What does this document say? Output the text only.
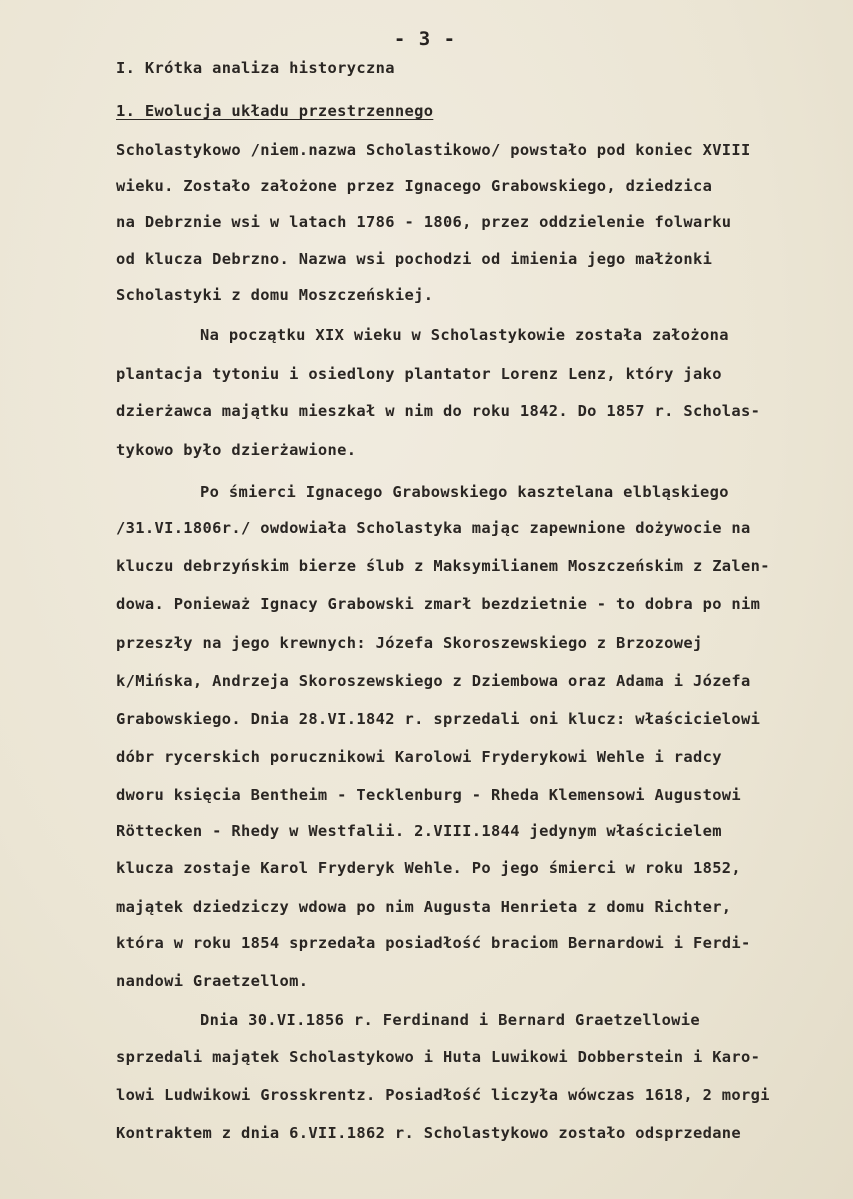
- 3 -
I. Krótka analiza historyczna
1. Ewolucja układu przestrzennego
Scholastykowo /niem.nazwa Scholastikowo/ powstało pod koniec XVIII
wieku. Zostało założone przez Ignacego Grabowskiego, dziedzica
na Debrznie wsi w latach 1786 - 1806, przez oddzielenie folwarku
od klucza Debrzno. Nazwa wsi pochodzi od imienia jego małżonki
Scholastyki z domu Moszczeńskiej.
Na początku XIX wieku w Scholastykowie została założona
plantacja tytoniu i osiedlony plantator Lorenz Lenz, który jako
dzierżawca majątku mieszkał w nim do roku 1842. Do 1857 r. Scholas-
tykowo było dzierżawione.
Po śmierci Ignacego Grabowskiego kasztelana elbląskiego
/31.VI.1806r./ owdowiała Scholastyka mając zapewnione dożywocie na
kluczu debrzyńskim bierze ślub z Maksymilianem Moszczeńskim z Zalen-
dowa. Ponieważ Ignacy Grabowski zmarł bezdzietnie - to dobra po nim
przeszły na jego krewnych: Józefa Skoroszewskiego z Brzozowej
k/Mińska, Andrzeja Skoroszewskiego z Dziembowa oraz Adama i Józefa
Grabowskiego. Dnia 28.VI.1842 r. sprzedali oni klucz: właścicielowi
dóbr rycerskich porucznikowi Karolowi Fryderykowi Wehle i radcy
dworu księcia Bentheim - Tecklenburg - Rheda Klemensowi Augustowi
Röttecken - Rhedy w Westfalii. 2.VIII.1844 jedynym właścicielem
klucza zostaje Karol Fryderyk Wehle. Po jego śmierci w roku 1852,
majątek dziedziczy wdowa po nim Augusta Henrieta z domu Richter,
która w roku 1854 sprzedała posiadłość braciom Bernardowi i Ferdi-
nandowi Graetzellom.
Dnia 30.VI.1856 r. Ferdinand i Bernard Graetzellowie
sprzedali majątek Scholastykowo i Huta Luwikowi Dobberstein i Karo-
lowi Ludwikowi Grosskrentz. Posiadłość liczyła wówczas 1618, 2 morgi
Kontraktem z dnia 6.VII.1862 r. Scholastykowo zostało odsprzedane
